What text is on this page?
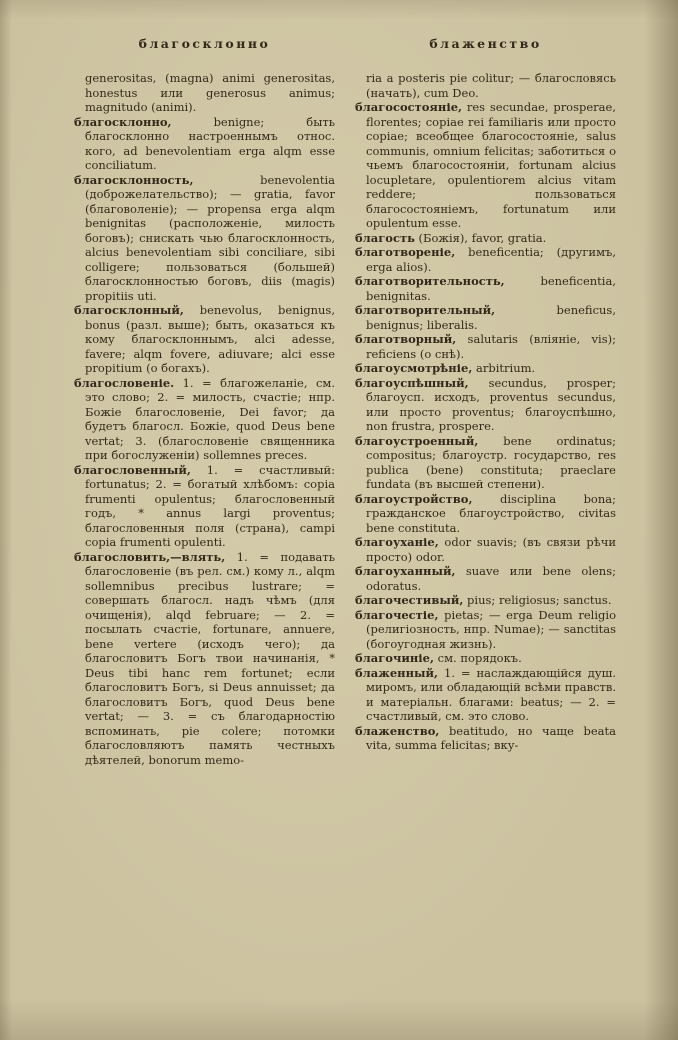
благосклонно	блаженство

generositas, (magna) animi generositas, honestus или generosus animus; magnitudo (animi).

благосклонно, benigne; быть благосклонно настроеннымъ относ. кого, ad benevolentiam erga alqm esse conciliatum.

благосклонность, benevolentia (доброжелательство); — gratia, favor (благоволеніе); — propensa erga alqm benignitas (расположеніе, милость боговъ); снискать чью благосклонность, alcius benevolentiam sibi conciliare, sibi colligere; пользоваться (большей) благосклонностью боговъ, diis (magis) propitiis uti.

благосклонный, benevolus, benignus, bonus (разл. выше); быть, оказаться къ кому благосклоннымъ, alci adesse, favere; alqm fovere, adiuvare; alci esse propitium (о богахъ).

благословеніе. 1. = благожеланіе, см. это слово; 2. = милость, счастіе; нпр. Божіе благословеніе, Dei favor; да будетъ благосл. Божіе, quod Deus bene vertat; 3. (благословеніе священника при богослуженіи) sollemnes preces.

благословенный, 1. = счастливый: fortunatus; 2. = богатый хлѣбомъ: copia frumenti opulentus; благословенный годъ, * annus largi proventus; благословенныя поля (страна), campi copia frumenti opulenti.

благословить,—влять, 1. = подавать благословеніе (въ рел. см.) кому л., alqm sollemnibus precibus lustrare; = совершать благосл. надъ чѣмъ (для очищенія), alqd februare; — 2. = посылать счастіе, fortunare, annuere, bene vertere (исходъ чего); да благословитъ Богъ твои начинанія, * Deus tibi hanc rem fortunet; если благословитъ Богъ, si Deus annuisset; да благословитъ Богъ, quod Deus bene vertat; — 3. = съ благодарностію вспоминать, pie colere; потомки благословляютъ память честныхъ дѣятелей, bonorum memo-

ria a posteris pie colitur; — благословясь (начать), cum Deo.

благосостояніе, res secundae, prosperae, florentes; copiae rei familiaris или просто copiae; всеобщее благосостояніе, salus communis, omnium felicitas; заботиться о чьемъ благосостояніи, fortunam alcius locupletare, opulentiorem alcius vitam reddere; пользоваться благосостояніемъ, fortunatum или opulentum esse.

благость (Божія), favor, gratia.

благотвореніе, beneficentia; (другимъ, erga alios).

благотворительность, beneficentia, benignitas.

благотворительный, beneficus, benignus; liberalis.

благотворный, salutaris (вліяніе, vis); reficiens (о снѣ).

благоусмотрѣніе, arbitrium.

благоуспѣшный, secundus, prosper; благоусп. исходъ, proventus secundus, или просто proventus; благоуспѣшно, non frustra, prospere.

благоустроенный, bene ordinatus; compositus; благоустр. государство, res publica (bene) constituta; praeclare fundata (въ высшей степени).

благоустройство, disciplina bona; гражданское благоустройство, civitas bene constituta.

благоуханіе, odor suavis; (въ связи рѣчи просто) odor.

благоуханный, suave или bene olens; odoratus.

благочестивый, pius; religiosus; sanctus.

благочестіе, pietas; — erga Deum religio (религіозность, нпр. Numae); — sanctitas (богоугодная жизнь).

благочиніе, см. порядокъ.

блаженный, 1. = наслаждающійся душ. миромъ, или обладающій всѣми правств. и матеріальн. благами: beatus; — 2. = счастливый, см. это слово.

блаженство, beatitudo, но чаще beata vita, summa felicitas; вку-
